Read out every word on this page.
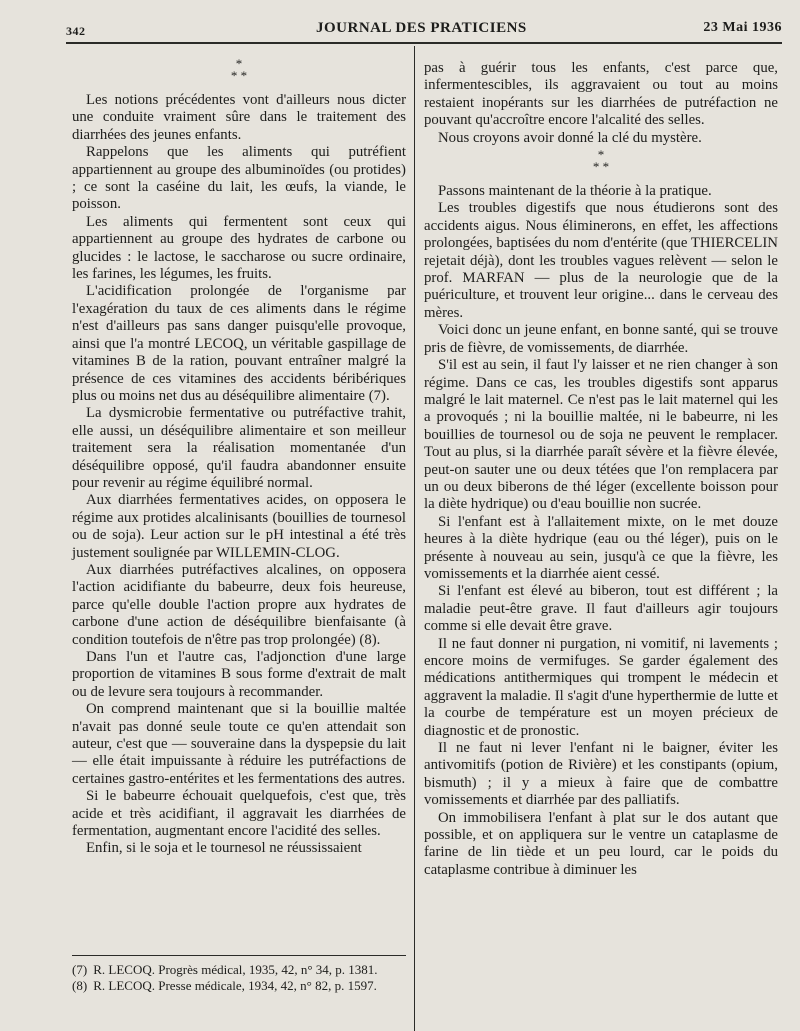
342	JOURNAL DES PRATICIENS	23 Mai 1936
*
* *

Les notions précédentes vont d'ailleurs nous dicter une conduite vraiment sûre dans le traitement des diarrhées des jeunes enfants.

Rappelons que les aliments qui putréfient appartiennent au groupe des albuminoïdes (ou protides) ; ce sont la caséine du lait, les œufs, la viande, le poisson.

Les aliments qui fermentent sont ceux qui appartiennent au groupe des hydrates de carbone ou glucides : le lactose, le saccharose ou sucre ordinaire, les farines, les légumes, les fruits.

L'acidification prolongée de l'organisme par l'exagération du taux de ces aliments dans le régime n'est d'ailleurs pas sans danger puisqu'elle provoque, ainsi que l'a montré LECOQ, un véritable gaspillage de vitamines B de la ration, pouvant entraîner malgré la présence de ces vitamines des accidents béribériques plus ou moins net dus au déséquilibre alimentaire (7).

La dysmicrobie fermentative ou putréfactive trahit, elle aussi, un déséquilibre alimentaire et son meilleur traitement sera la réalisation momentanée d'un déséquilibre opposé, qu'il faudra abandonner ensuite pour revenir au régime équilibré normal.

Aux diarrhées fermentatives acides, on opposera le régime aux protides alcalinisants (bouillies de tournesol ou de soja). Leur action sur le pH intestinal a été très justement soulignée par WILLEMIN-CLOG.

Aux diarrhées putréfactives alcalines, on opposera l'action acidifiante du babeurre, deux fois heureuse, parce qu'elle double l'action propre aux hydrates de carbone d'une action de déséquilibre bienfaisante (à condition toutefois de n'être pas trop prolongée) (8).

Dans l'un et l'autre cas, l'adjonction d'une large proportion de vitamines B sous forme d'extrait de malt ou de levure sera toujours à recommander.

On comprend maintenant que si la bouillie maltée n'avait pas donné seule toute ce qu'en attendait son auteur, c'est que — souveraine dans la dyspepsie du lait — elle était impuissante à réduire les putréfactions de certaines gastro-entérites et les fermentations des autres.

Si le babeurre échouait quelquefois, c'est que, très acide et très acidifiant, il aggravait les diarrhées de fermentation, augmentant encore l'acidité des selles.

Enfin, si le soja et le tournesol ne réussissaient

pas à guérir tous les enfants, c'est parce que, infermentescibles, ils aggravaient ou tout au moins restaient inopérants sur les diarrhées de putréfaction ne pouvant qu'accroître encore l'alcalité des selles.

Nous croyons avoir donné la clé du mystère.

*
* *

Passons maintenant de la théorie à la pratique.

Les troubles digestifs que nous étudierons sont des accidents aigus. Nous éliminerons, en effet, les affections prolongées, baptisées du nom d'entérite (que THIERCELIN rejetait déjà), dont les troubles vagues relèvent — selon le prof. MARFAN — plus de la neurologie que de la puériculture, et trouvent leur origine... dans le cerveau des mères.

Voici donc un jeune enfant, en bonne santé, qui se trouve pris de fièvre, de vomissements, de diarrhée.

S'il est au sein, il faut l'y laisser et ne rien changer à son régime. Dans ce cas, les troubles digestifs sont apparus malgré le lait maternel. Ce n'est pas le lait maternel qui les a provoqués ; ni la bouillie maltée, ni le babeurre, ni les bouillies de tournesol ou de soja ne peuvent le remplacer. Tout au plus, si la diarrhée paraît sévère et la fièvre élevée, peut-on sauter une ou deux tétées que l'on remplacera par un ou deux biberons de thé léger (excellente boisson pour la diète hydrique) ou d'eau bouillie non sucrée.

Si l'enfant est à l'allaitement mixte, on le met douze heures à la diète hydrique (eau ou thé léger), puis on le présente à nouveau au sein, jusqu'à ce que la fièvre, les vomissements et la diarrhée aient cessé.

Si l'enfant est élevé au biberon, tout est différent ; la maladie peut-être grave. Il faut d'ailleurs agir toujours comme si elle devait être grave.

Il ne faut donner ni purgation, ni vomitif, ni lavements ; encore moins de vermifuges. Se garder également des médications antithermiques qui trompent le médecin et aggravent la maladie. Il s'agit d'une hyperthermie de lutte et la courbe de température est un moyen précieux de diagnostic et de pronostic.

Il ne faut ni lever l'enfant ni le baigner, éviter les antivomitifs (potion de Rivière) et les constipants (opium, bismuth) ; il y a mieux à faire que de combattre vomissements et diarrhée par des palliatifs.

On immobilisera l'enfant à plat sur le dos autant que possible, et on appliquera sur le ventre un cataplasme de farine de lin tiède et un peu lourd, car le poids du cataplasme contribue à diminuer les

(7) R. LECOQ. Progrès médical, 1935, 42, n° 34, p. 1381.
(8) R. LECOQ. Presse médicale, 1934, 42, n° 82, p. 1597.
